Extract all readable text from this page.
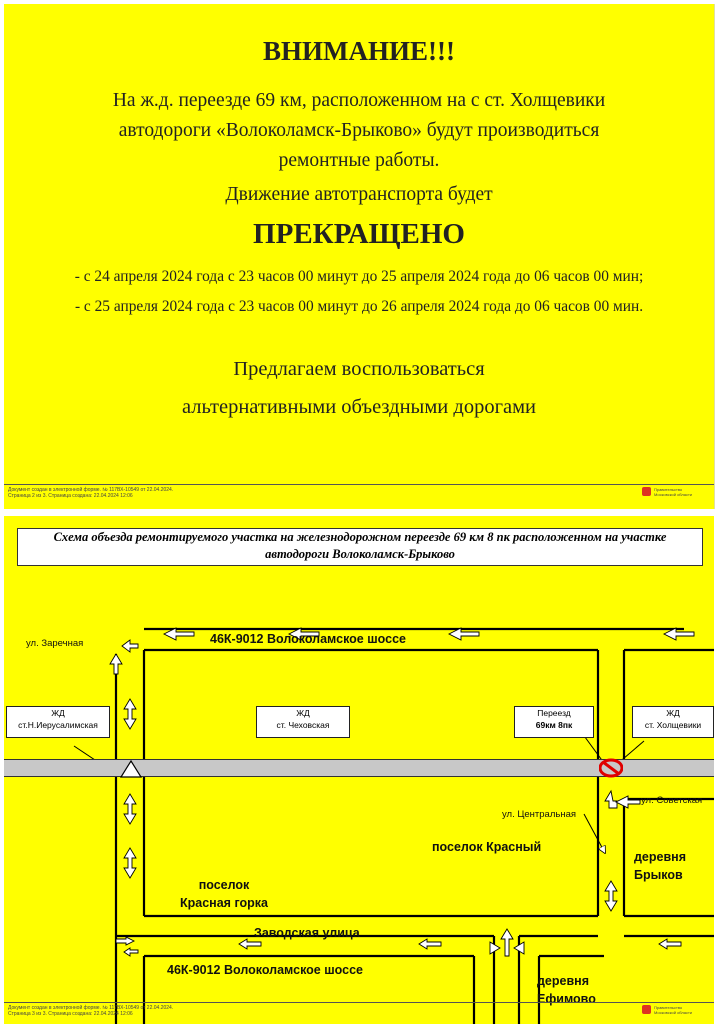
ВНИМАНИЕ!!!
На ж.д. переезде 69 км, расположенном на с ст. Холщевики
автодороги «Волоколамск-Брыково» будут производиться
ремонтные работы.
Движение автотранспорта будет
ПРЕКРАЩЕНО
- с 24 апреля 2024 года с 23 часов 00 минут до 25 апреля 2024 года до 06 часов 00 мин;
- с 25 апреля 2024 года с 23 часов 00 минут до 26 апреля 2024 года до 06 часов 00 мин.
Предлагаем воспользоваться
альтернативными объездными дорогами
Документ создан в электронной форме. № 117ВХ-10549 от 22.04.2024.
Страница 2 из 3. Страница создана: 22.04.2024 12:06
Правительство
Московской области
Схема объезда ремонтируемого участка на железнодорожном переезде 69 км 8 пк расположенном на участке
автодороги Волоколамск-Брыково
46К-9012 Волоколамское шоссе
46К-9012 Волоколамское шоссе
ул. Заречная
ул. Советская
ул. Центральная
Заводская улица
ЖД
ст.Н.Иерусалимская
ЖД
ст. Чеховская
Переезд
69км 8пк
ЖД
ст. Холщевики
поселок Красный
поселок
Красная горка
деревня
Брыков
деревня
Ефимово
Документ создан в электронной форме. № 117ВХ-10549 от 22.04.2024.
Страница 3 из 3. Страница создана: 22.04.2024 12:06
Правительство
Московской области
